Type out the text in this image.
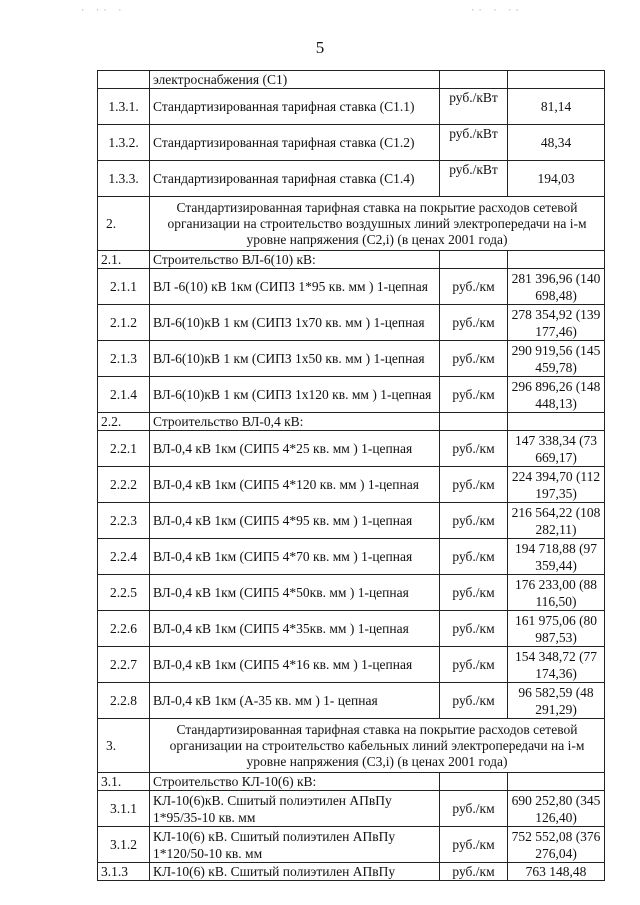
· ·· ·	·· · ··
5
	электроснабжения (С1)		
1.3.1.	Стандартизированная тарифная ставка (С1.1)	руб./кВт	81,14
1.3.2.	Стандартизированная тарифная ставка (С1.2)	руб./кВт	48,34
1.3.3.	Стандартизированная тарифная ставка (С1.4)	руб./кВт	194,03
2.	Стандартизированная тарифная ставка на покрытие расходов сетевой организации на строительство воздушных линий электропередачи на i-м уровне напряжения (С2,i) (в ценах 2001 года)		
2.1.	Строительство ВЛ-6(10) кВ:		
2.1.1	ВЛ -6(10) кВ 1км (СИПЗ 1*95 кв. мм ) 1-цепная	руб./км	281 396,96 (140 698,48)
2.1.2	ВЛ-6(10)кВ 1 км (СИПЗ 1х70 кв. мм ) 1-цепная	руб./км	278 354,92 (139 177,46)
2.1.3	ВЛ-6(10)кВ 1 км (СИПЗ 1х50 кв. мм ) 1-цепная	руб./км	290 919,56 (145 459,78)
2.1.4	ВЛ-6(10)кВ 1 км (СИПЗ 1х120 кв. мм ) 1-цепная	руб./км	296 896,26 (148 448,13)
2.2.	Строительство ВЛ-0,4 кВ:		
2.2.1	ВЛ-0,4 кВ 1км (СИП5 4*25 кв. мм ) 1-цепная	руб./км	147 338,34 (73 669,17)
2.2.2	ВЛ-0,4 кВ 1км (СИП5 4*120 кв. мм ) 1-цепная	руб./км	224 394,70 (112 197,35)
2.2.3	ВЛ-0,4 кВ 1км (СИП5 4*95 кв. мм ) 1-цепная	руб./км	216 564,22 (108 282,11)
2.2.4	ВЛ-0,4 кВ 1км (СИП5 4*70 кв. мм ) 1-цепная	руб./км	194 718,88 (97 359,44)
2.2.5	ВЛ-0,4 кВ 1км (СИП5 4*50кв. мм ) 1-цепная	руб./км	176 233,00 (88 116,50)
2.2.6	ВЛ-0,4 кВ 1км (СИП5 4*35кв. мм ) 1-цепная	руб./км	161 975,06 (80 987,53)
2.2.7	ВЛ-0,4 кВ 1км (СИП5 4*16 кв. мм ) 1-цепная	руб./км	154 348,72 (77 174,36)
2.2.8	ВЛ-0,4 кВ 1км (А-35 кв. мм ) 1- цепная	руб./км	96 582,59 (48 291,29)
3.	Стандартизированная тарифная ставка на покрытие расходов сетевой организации на строительство кабельных линий электропередачи на i-м уровне напряжения (С3,i) (в ценах 2001 года)		
3.1.	Строительство КЛ-10(6) кВ:		
3.1.1	КЛ-10(6)кВ. Сшитый полиэтилен АПвПу 1*95/35-10 кв. мм	руб./км	690 252,80 (345 126,40)
3.1.2	КЛ-10(6) кВ. Сшитый полиэтилен АПвПу 1*120/50-10 кв. мм	руб./км	752 552,08 (376 276,04)
3.1.3	КЛ-10(6) кВ. Сшитый полиэтилен АПвПу	руб./км	763 148,48
